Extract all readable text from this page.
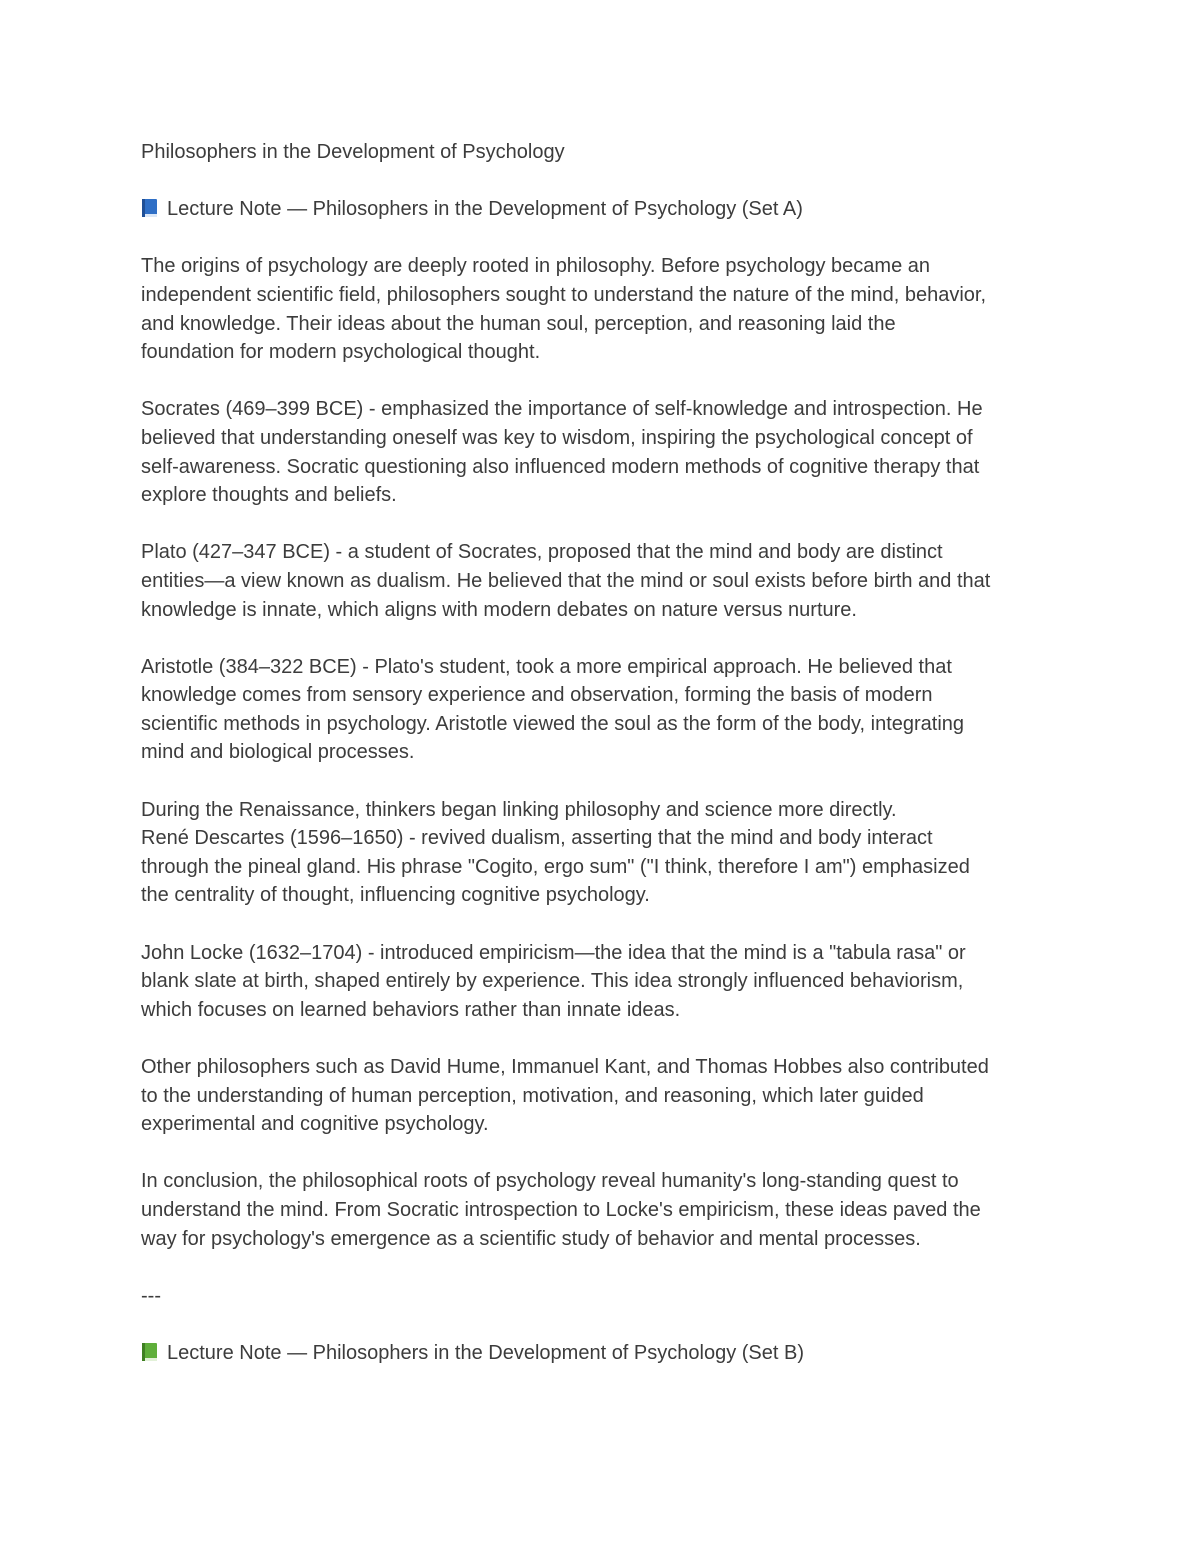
Philosophers in the Development of Psychology

Lecture Note — Philosophers in the Development of Psychology (Set A)

The origins of psychology are deeply rooted in philosophy. Before psychology became an
independent scientific field, philosophers sought to understand the nature of the mind, behavior,
and knowledge. Their ideas about the human soul, perception, and reasoning laid the
foundation for modern psychological thought.

Socrates (469–399 BCE) - emphasized the importance of self-knowledge and introspection. He
believed that understanding oneself was key to wisdom, inspiring the psychological concept of
self-awareness. Socratic questioning also influenced modern methods of cognitive therapy that
explore thoughts and beliefs.

Plato (427–347 BCE) - a student of Socrates, proposed that the mind and body are distinct
entities—a view known as dualism. He believed that the mind or soul exists before birth and that
knowledge is innate, which aligns with modern debates on nature versus nurture.

Aristotle (384–322 BCE) - Plato's student, took a more empirical approach. He believed that
knowledge comes from sensory experience and observation, forming the basis of modern
scientific methods in psychology. Aristotle viewed the soul as the form of the body, integrating
mind and biological processes.

During the Renaissance, thinkers began linking philosophy and science more directly.
René Descartes (1596–1650) - revived dualism, asserting that the mind and body interact
through the pineal gland. His phrase "Cogito, ergo sum" ("I think, therefore I am") emphasized
the centrality of thought, influencing cognitive psychology.

John Locke (1632–1704) - introduced empiricism—the idea that the mind is a "tabula rasa" or
blank slate at birth, shaped entirely by experience. This idea strongly influenced behaviorism,
which focuses on learned behaviors rather than innate ideas.

Other philosophers such as David Hume, Immanuel Kant, and Thomas Hobbes also contributed
to the understanding of human perception, motivation, and reasoning, which later guided
experimental and cognitive psychology.

In conclusion, the philosophical roots of psychology reveal humanity's long-standing quest to
understand the mind. From Socratic introspection to Locke's empiricism, these ideas paved the
way for psychology's emergence as a scientific study of behavior and mental processes.

---

Lecture Note — Philosophers in the Development of Psychology (Set B)
